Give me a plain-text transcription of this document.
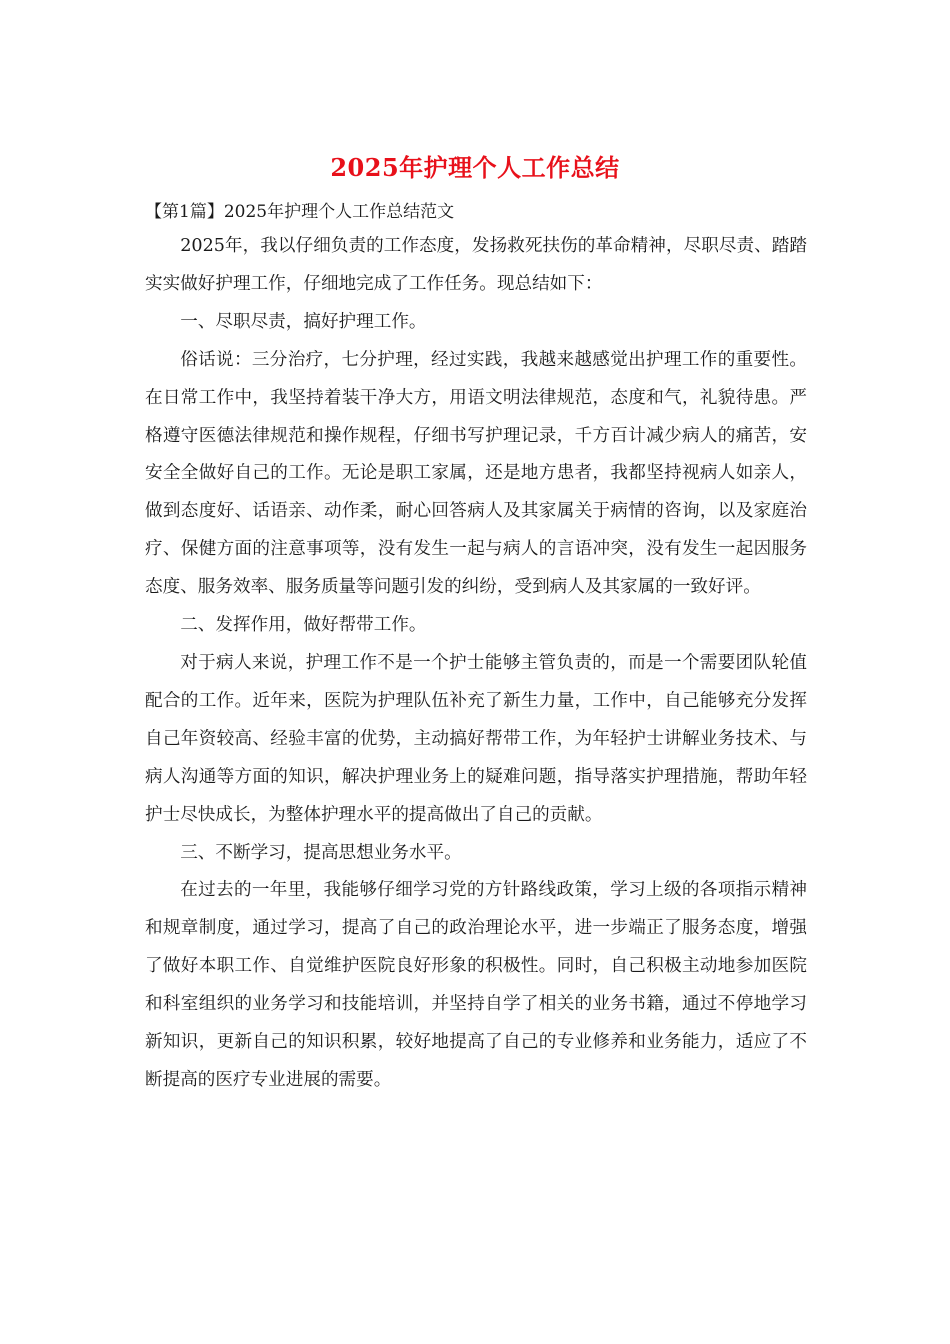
2025年护理个人工作总结
【第1篇】2025年护理个人工作总结范文

2025年，我以仔细负责的工作态度，发扬救死扶伤的革命精神，尽职尽责、踏踏实实做好护理工作，仔细地完成了工作任务。现总结如下：

一、尽职尽责，搞好护理工作。

俗话说：三分治疗，七分护理，经过实践，我越来越感觉出护理工作的重要性。在日常工作中，我坚持着装干净大方，用语文明法律规范，态度和气，礼貌待患。严格遵守医德法律规范和操作规程，仔细书写护理记录，千方百计减少病人的痛苦，安安全全做好自己的工作。无论是职工家属，还是地方患者，我都坚持视病人如亲人，做到态度好、话语亲、动作柔，耐心回答病人及其家属关于病情的咨询，以及家庭治疗、保健方面的注意事项等，没有发生一起与病人的言语冲突，没有发生一起因服务态度、服务效率、服务质量等问题引发的纠纷，受到病人及其家属的一致好评。

二、发挥作用，做好帮带工作。

对于病人来说，护理工作不是一个护士能够主管负责的，而是一个需要团队轮值配合的工作。近年来，医院为护理队伍补充了新生力量，工作中，自己能够充分发挥自己年资较高、经验丰富的优势，主动搞好帮带工作，为年轻护士讲解业务技术、与病人沟通等方面的知识，解决护理业务上的疑难问题，指导落实护理措施，帮助年轻护士尽快成长，为整体护理水平的提高做出了自己的贡献。

三、不断学习，提高思想业务水平。

在过去的一年里，我能够仔细学习党的方针路线政策，学习上级的各项指示精神和规章制度，通过学习，提高了自己的政治理论水平，进一步端正了服务态度，增强了做好本职工作、自觉维护医院良好形象的积极性。同时，自己积极主动地参加医院和科室组织的业务学习和技能培训，并坚持自学了相关的业务书籍，通过不停地学习新知识，更新自己的知识积累，较好地提高了自己的专业修养和业务能力，适应了不断提高的医疗专业进展的需要。
